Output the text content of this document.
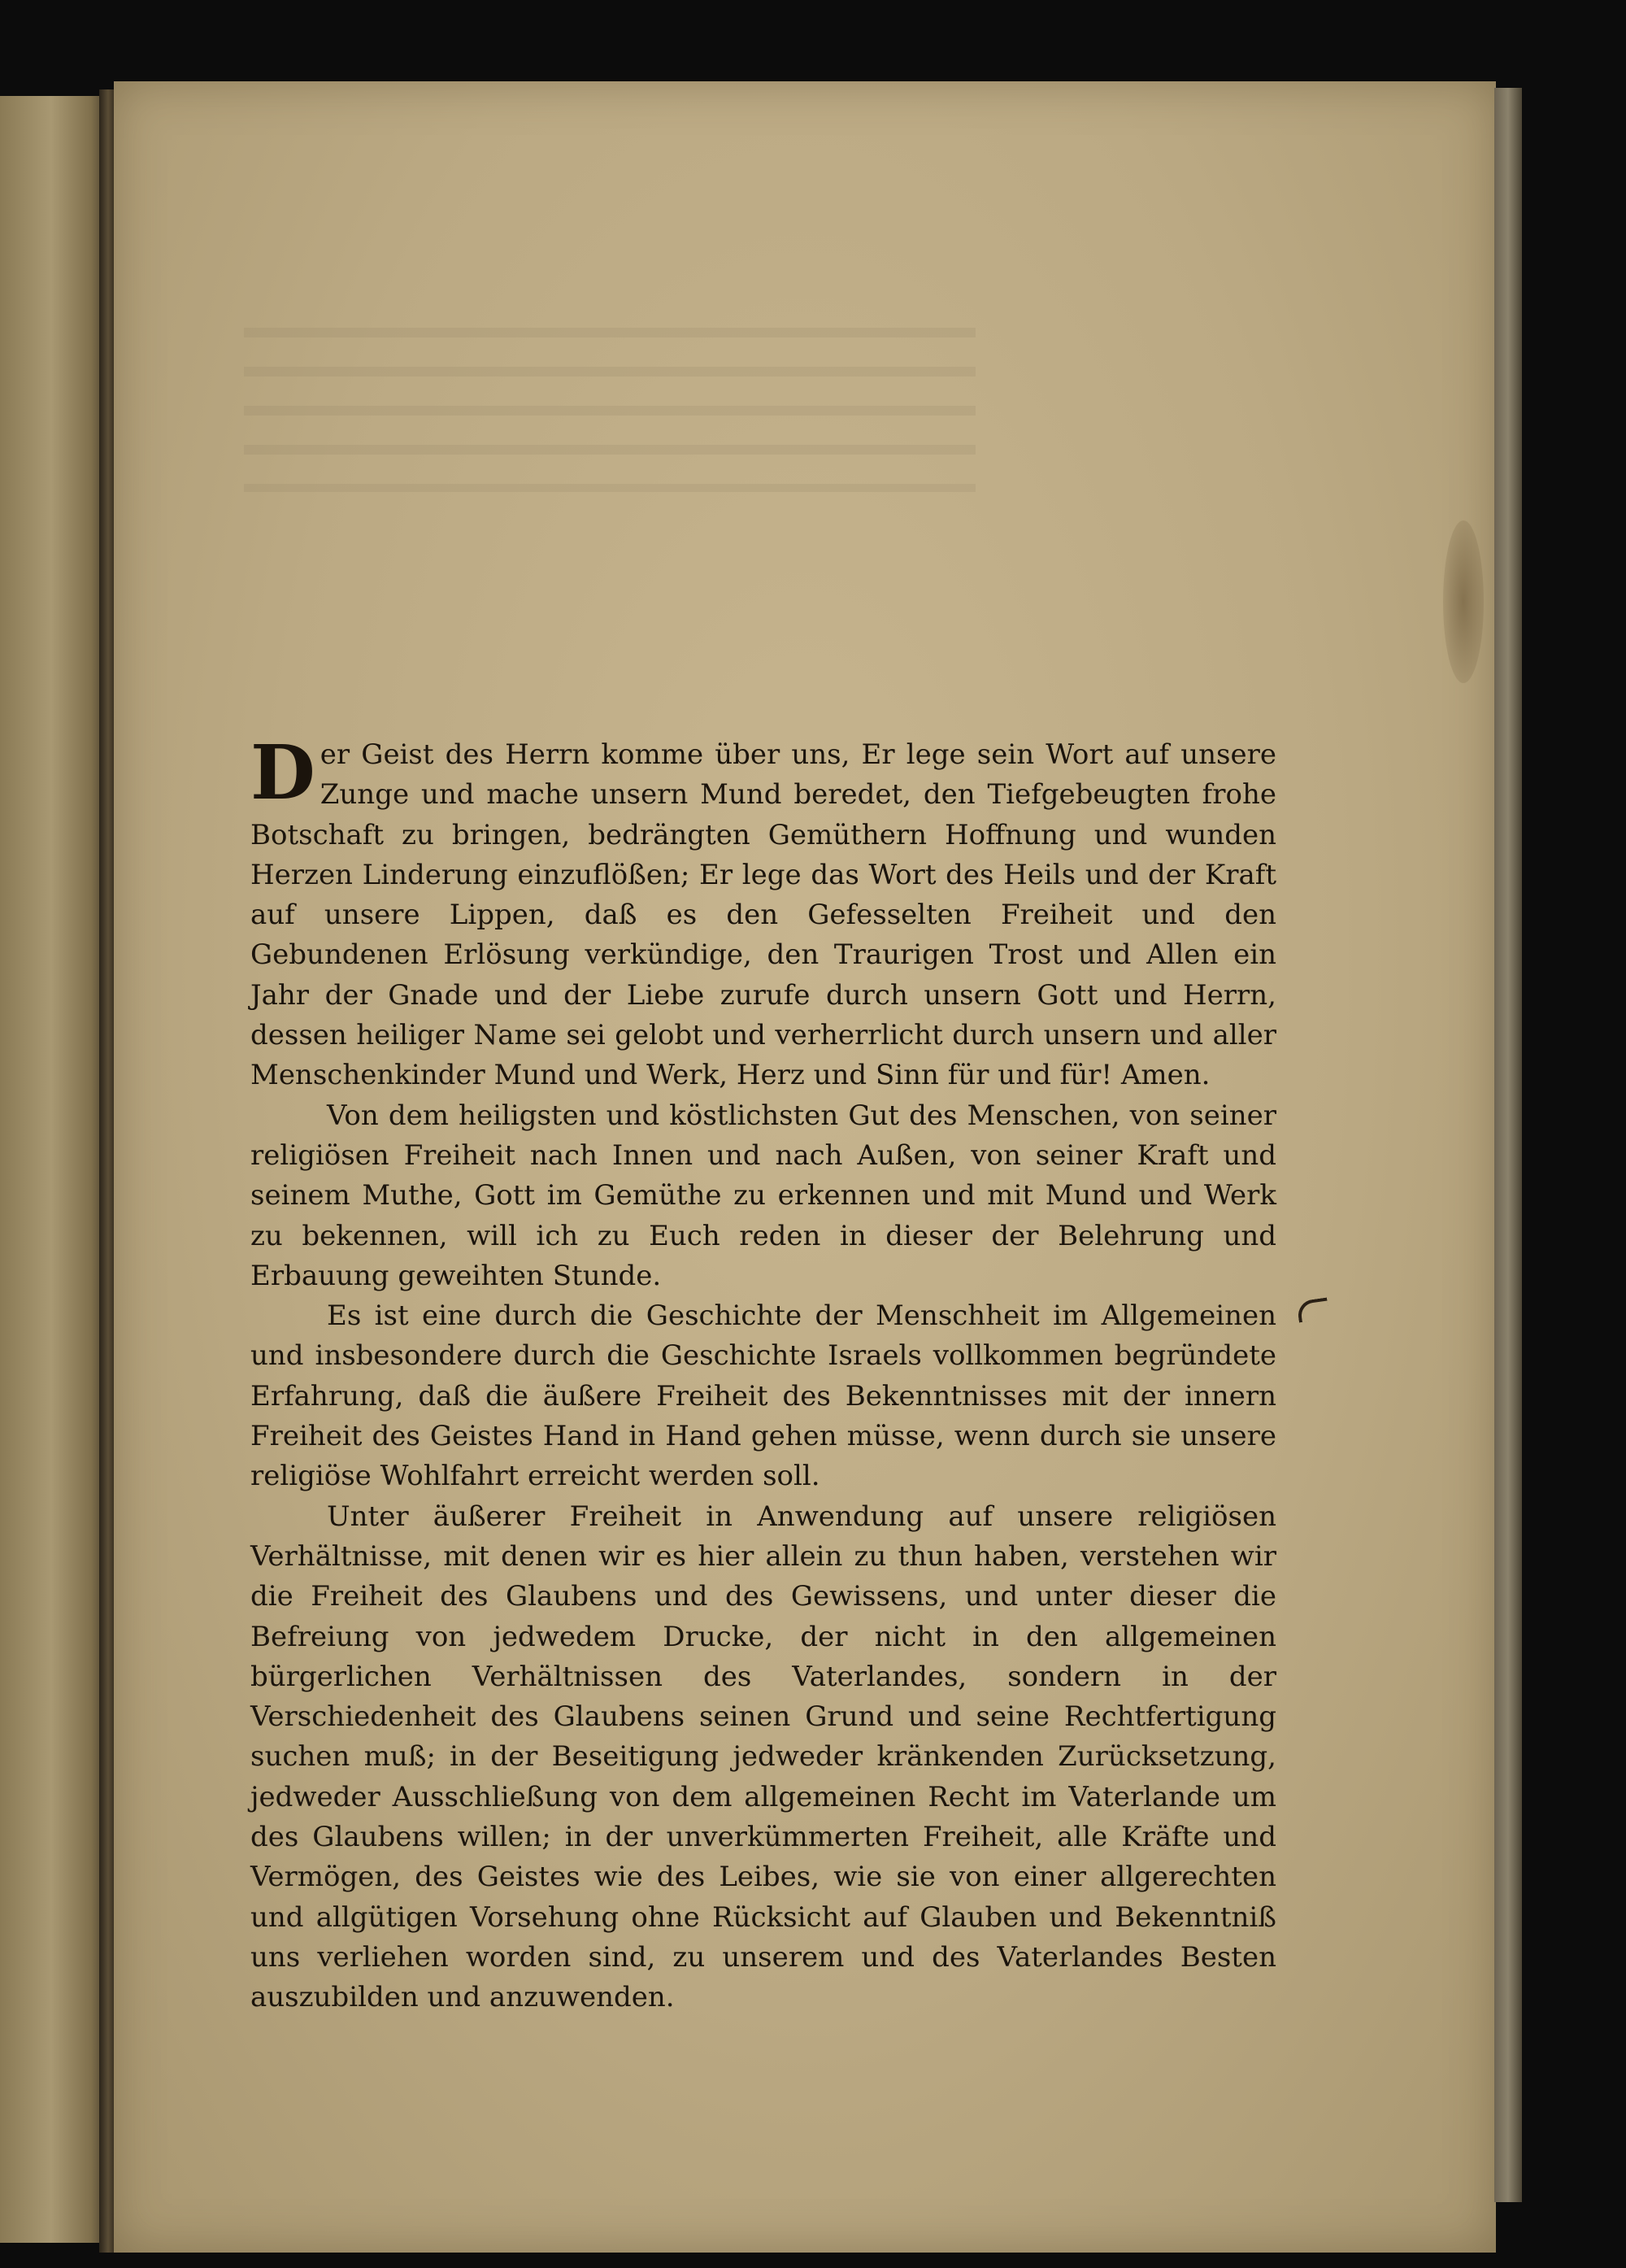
Der Geist des Herrn komme über uns, Er lege sein Wort auf unsere Zunge und mache unsern Mund beredet, den Tiefgebeugten frohe Botschaft zu bringen, bedrängten Gemüthern Hoffnung und wunden Herzen Linderung einzuflößen; Er lege das Wort des Heils und der Kraft auf unsere Lippen, daß es den Gefesselten Freiheit und den Gebundenen Erlösung verkündige, den Traurigen Trost und Allen ein Jahr der Gnade und der Liebe zurufe durch unsern Gott und Herrn, dessen heiliger Name sei gelobt und verherrlicht durch unsern und aller Menschenkinder Mund und Werk, Herz und Sinn für und für! Amen.

Von dem heiligsten und köstlichsten Gut des Menschen, von seiner religiösen Freiheit nach Innen und nach Außen, von seiner Kraft und seinem Muthe, Gott im Gemüthe zu erkennen und mit Mund und Werk zu bekennen, will ich zu Euch reden in dieser der Belehrung und Erbauung geweihten Stunde.

Es ist eine durch die Geschichte der Menschheit im Allgemeinen und insbesondere durch die Geschichte Israels vollkommen begründete Erfahrung, daß die äußere Freiheit des Bekenntnisses mit der innern Freiheit des Geistes Hand in Hand gehen müsse, wenn durch sie unsere religiöse Wohlfahrt erreicht werden soll.

Unter äußerer Freiheit in Anwendung auf unsere religiösen Verhältnisse, mit denen wir es hier allein zu thun haben, verstehen wir die Freiheit des Glaubens und des Gewissens, und unter dieser die Befreiung von jedwedem Drucke, der nicht in den allgemeinen bürgerlichen Verhältnissen des Vaterlandes, sondern in der Verschiedenheit des Glaubens seinen Grund und seine Rechtfertigung suchen muß; in der Beseitigung jedweder kränkenden Zurücksetzung, jedweder Ausschließung von dem allgemeinen Recht im Vaterlande um des Glaubens willen; in der unverkümmerten Freiheit, alle Kräfte und Vermögen, des Geistes wie des Leibes, wie sie von einer allgerechten und allgütigen Vorsehung ohne Rücksicht auf Glauben und Bekenntniß uns verliehen worden sind, zu unserem und des Vaterlandes Besten auszubilden und anzuwenden.
